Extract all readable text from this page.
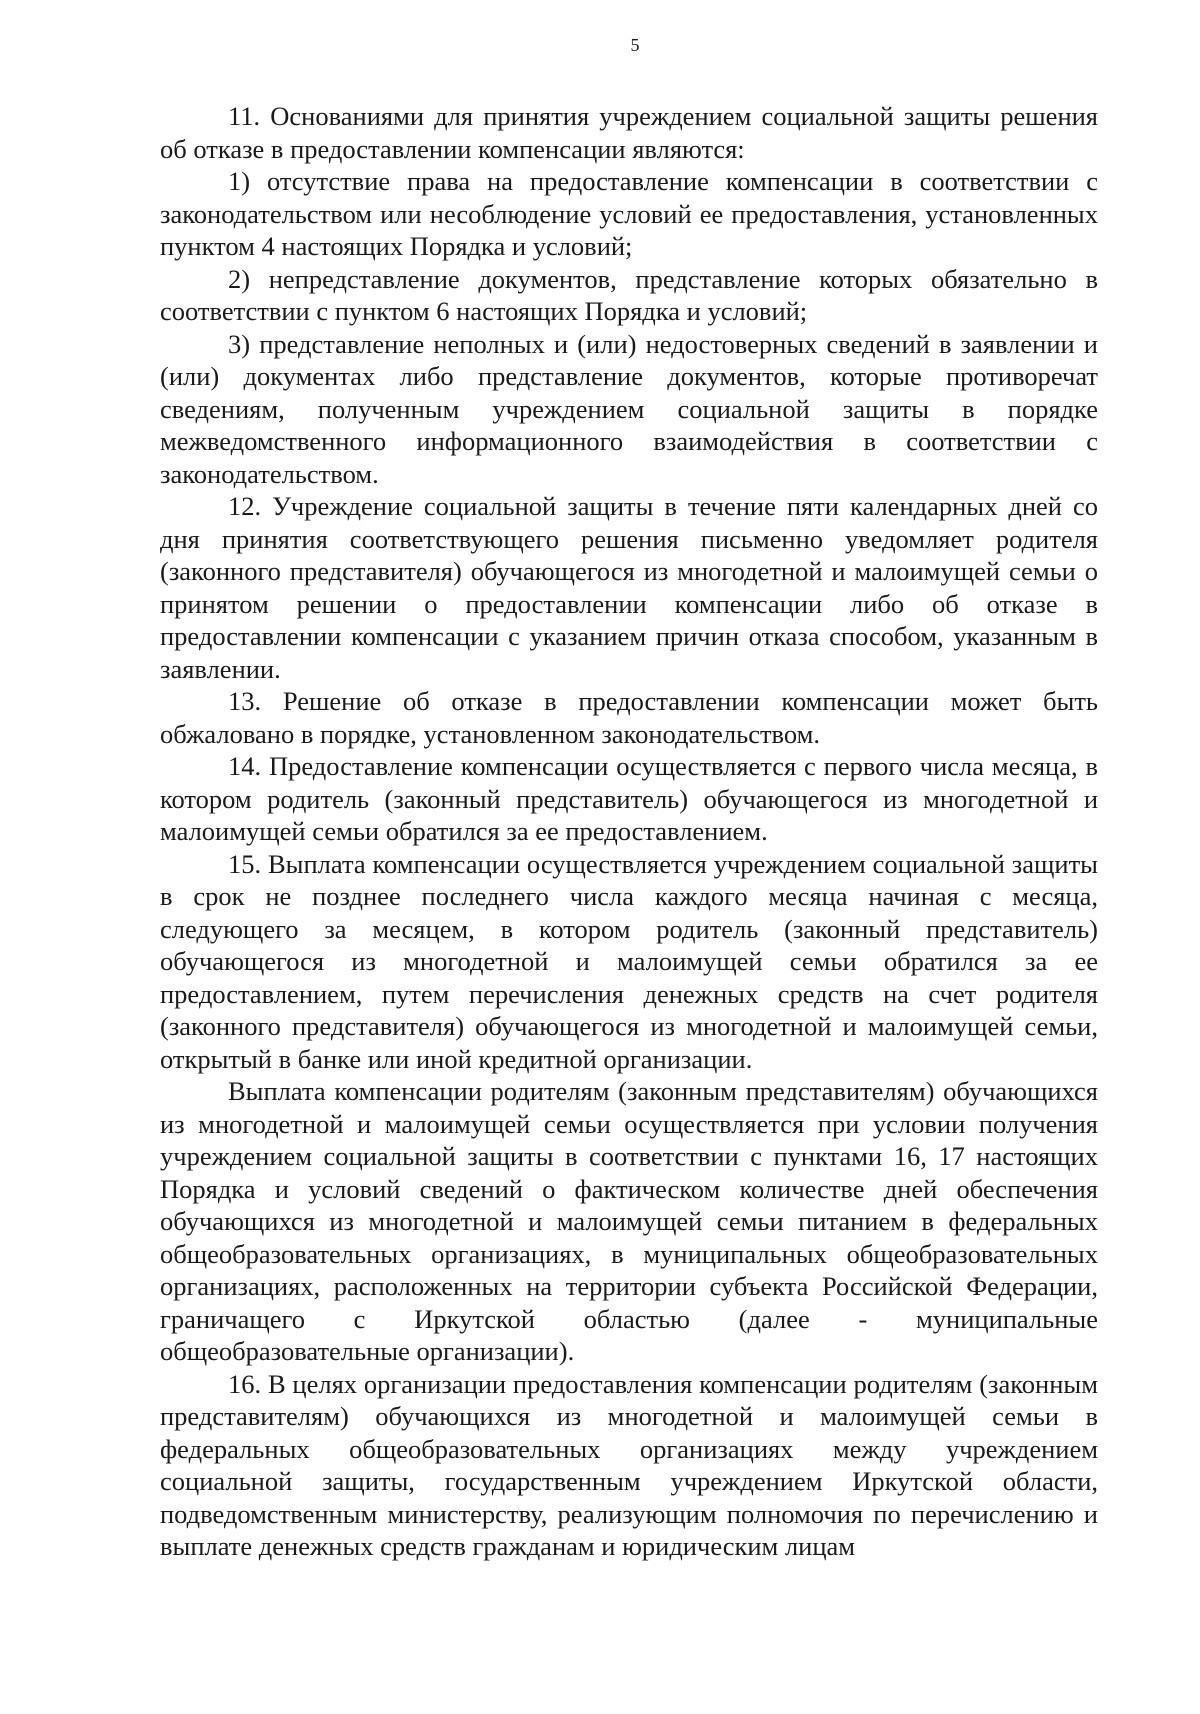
5

11. Основаниями для принятия учреждением социальной защиты решения об отказе в предоставлении компенсации являются:

1) отсутствие права на предоставление компенсации в соответствии с законодательством или несоблюдение условий ее предоставления, установленных пунктом 4 настоящих Порядка и условий;

2) непредставление документов, представление которых обязательно в соответствии с пунктом 6 настоящих Порядка и условий;

3) представление неполных и (или) недостоверных сведений в заявлении и (или) документах либо представление документов, которые противоречат сведениям, полученным учреждением социальной защиты в порядке межведомственного информационного взаимодействия в соответствии с законодательством.

12. Учреждение социальной защиты в течение пяти календарных дней со дня принятия соответствующего решения письменно уведомляет родителя (законного представителя) обучающегося из многодетной и малоимущей семьи о принятом решении о предоставлении компенсации либо об отказе в предоставлении компенсации с указанием причин отказа способом, указанным в заявлении.

13. Решение об отказе в предоставлении компенсации может быть обжаловано в порядке, установленном законодательством.

14. Предоставление компенсации осуществляется с первого числа месяца, в котором родитель (законный представитель) обучающегося из многодетной и малоимущей семьи обратился за ее предоставлением.

15. Выплата компенсации осуществляется учреждением социальной защиты в срок не позднее последнего числа каждого месяца начиная с месяца, следующего за месяцем, в котором родитель (законный представитель) обучающегося из многодетной и малоимущей семьи обратился за ее предоставлением, путем перечисления денежных средств на счет родителя (законного представителя) обучающегося из многодетной и малоимущей семьи, открытый в банке или иной кредитной организации.

Выплата компенсации родителям (законным представителям) обучающихся из многодетной и малоимущей семьи осуществляется при условии получения учреждением социальной защиты в соответствии с пунктами 16, 17 настоящих Порядка и условий сведений о фактическом количестве дней обеспечения обучающихся из многодетной и малоимущей семьи питанием в федеральных общеобразовательных организациях, в муниципальных общеобразовательных организациях, расположенных на территории субъекта Российской Федерации, граничащего с Иркутской областью (далее - муниципальные общеобразовательные организации).

16. В целях организации предоставления компенсации родителям (законным представителям) обучающихся из многодетной и малоимущей семьи в федеральных общеобразовательных организациях между учреждением социальной защиты, государственным учреждением Иркутской области, подведомственным министерству, реализующим полномочия по перечислению и выплате денежных средств гражданам и юридическим лицам
